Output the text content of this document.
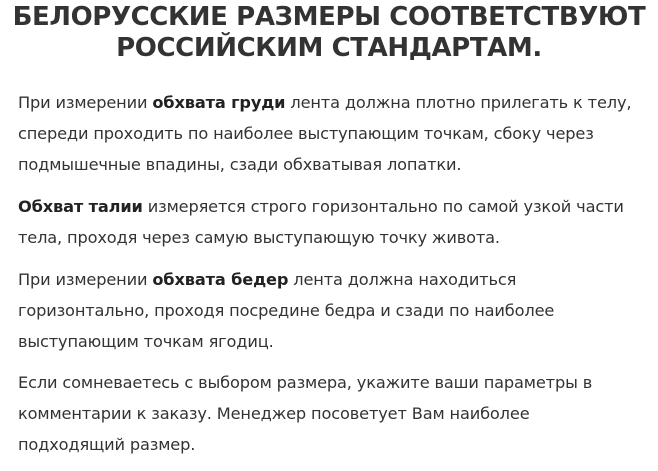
БЕЛОРУССКИЕ РАЗМЕРЫ СООТВЕТСТВУЮТ
РОССИЙСКИМ СТАНДАРТАМ.

При измерении обхвата груди лента должна плотно прилегать к телу,
спереди проходить по наиболее выступающим точкам, сбоку через
подмышечные впадины, сзади обхватывая лопатки.

Обхват талии измеряется строго горизонтально по самой узкой части
тела, проходя через самую выступающую точку живота.

При измерении обхвата бедер лента должна находиться
горизонтально, проходя посредине бедра и сзади по наиболее
выступающим точкам ягодиц.

Если сомневаетесь с выбором размера, укажите ваши параметры в
комментарии к заказу. Менеджер посоветует Вам наиболее
подходящий размер.
